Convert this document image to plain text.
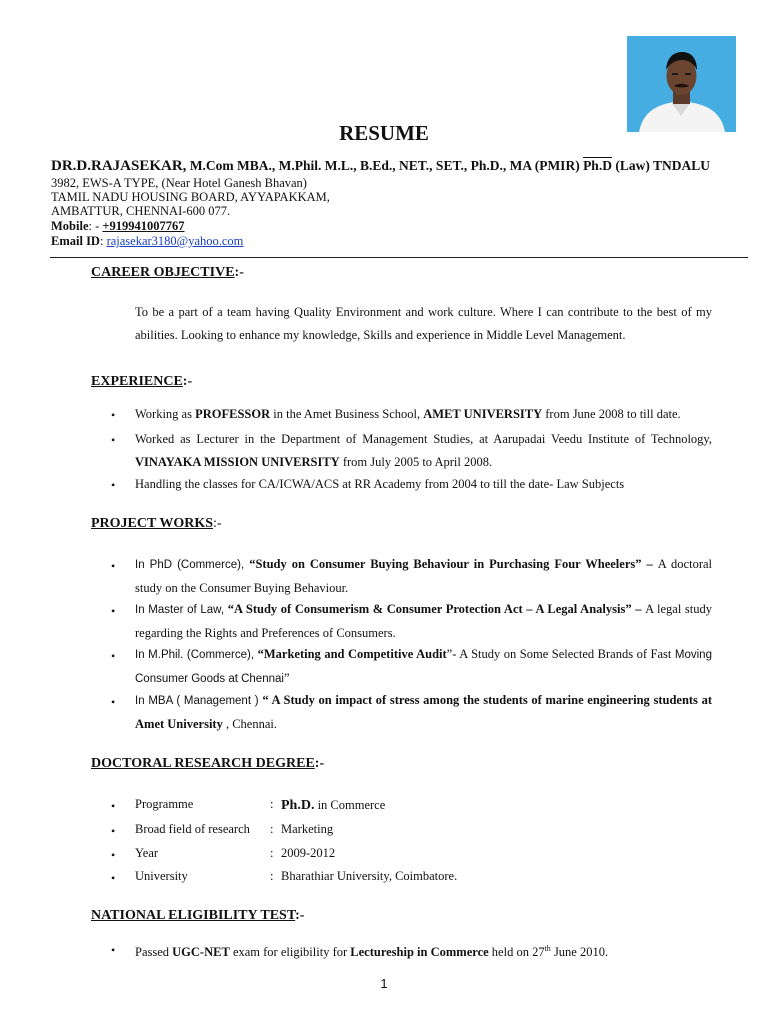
RESUME
DR.D.RAJASEKAR, M.Com MBA., M.Phil. M.L., B.Ed., NET., SET., Ph.D., MA (PMIR) Ph.D (Law) TNDALU
3982, EWS-A TYPE, (Near Hotel Ganesh Bhavan)
TAMIL NADU HOUSING BOARD, AYYAPAKKAM,
AMBATTUR, CHENNAI-600 077.
Mobile: - +919941007767
Email ID: rajasekar3180@yahoo.com
CAREER OBJECTIVE:-
To be a part of a team having Quality Environment and work culture. Where I can contribute to the best of my abilities. Looking to enhance my knowledge, Skills and experience in Middle Level Management.
EXPERIENCE:-
• Working as PROFESSOR in the Amet Business School, AMET UNIVERSITY from June 2008 to till date.
• Worked as Lecturer in the Department of Management Studies, at Aarupadai Veedu Institute of Technology, VINAYAKA MISSION UNIVERSITY from July 2005 to April 2008.
• Handling the classes for CA/ICWA/ACS at RR Academy from 2004 to till the date- Law Subjects
PROJECT WORKS:-
• In PhD (Commerce), “Study on Consumer Buying Behaviour in Purchasing Four Wheelers” – A doctoral study on the Consumer Buying Behaviour.
• In Master of Law, “A Study of Consumerism & Consumer Protection Act – A Legal Analysis” – A legal study regarding the Rights and Preferences of Consumers.
• In M.Phil. (Commerce), “Marketing and Competitive Audit”- A Study on Some Selected Brands of Fast Moving Consumer Goods at Chennai”
• In MBA ( Management ) “ A Study on impact of stress among the students of marine engineering students at Amet University , Chennai.
DOCTORAL RESEARCH DEGREE:-
• Programme	: Ph.D. in Commerce
• Broad field of research : Marketing
• Year	: 2009-2012
• University	: Bharathiar University, Coimbatore.
NATIONAL ELIGIBILITY TEST:-
• Passed UGC-NET exam for eligibility for Lectureship in Commerce held on 27th June 2010.
1
